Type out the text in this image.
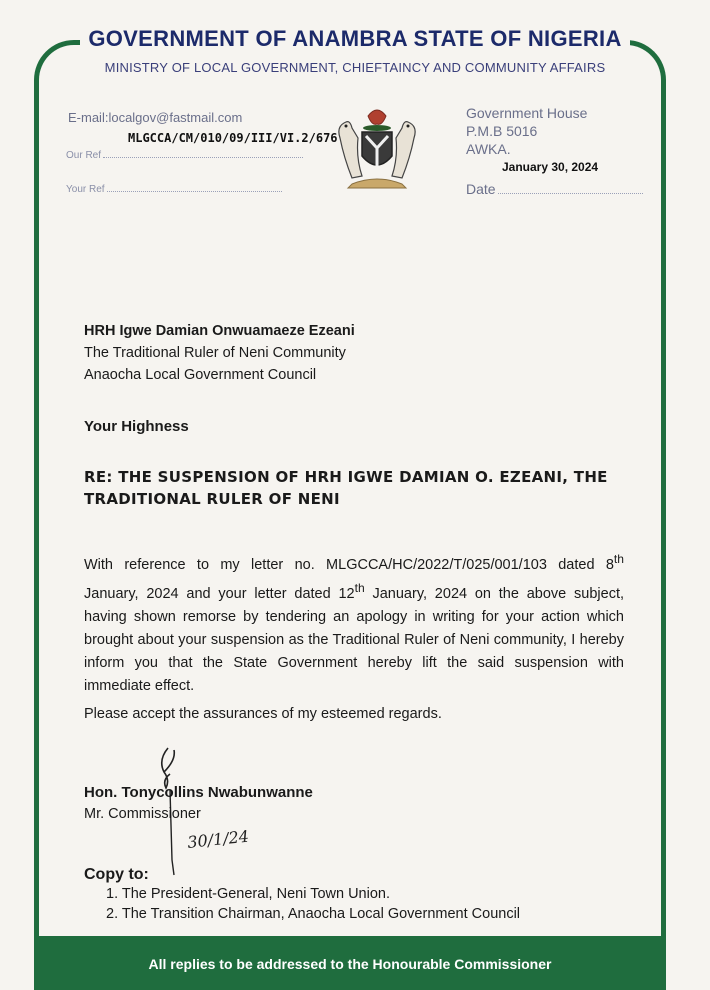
GOVERNMENT OF ANAMBRA STATE OF NIGERIA
MINISTRY OF LOCAL GOVERNMENT, CHIEFTAINCY AND COMMUNITY AFFAIRS
E-mail:localgov@fastmail.com
MLGCCA/CM/010/09/III/VI.2/676
Our Ref
Your Ref
Government House
P.M.B 5016
AWKA.
January 30, 2024
Date
HRH Igwe Damian Onwuamaeze Ezeani
The Traditional Ruler of Neni Community
Anaocha Local Government Council
Your Highness
RE: THE SUSPENSION OF HRH IGWE DAMIAN O. EZEANI, THE
TRADITIONAL RULER OF NENI
With reference to my letter no. MLGCCA/HC/2022/T/025/001/103 dated 8th January, 2024 and your letter dated 12th January, 2024 on the above subject, having shown remorse by tendering an apology in writing for your action which brought about your suspension as the Traditional Ruler of Neni community, I hereby inform you that the State Government hereby lift the said suspension with immediate effect.
Please accept the assurances of my esteemed regards.
30/1/24
Hon. Tonycollins Nwabunwanne
Mr. Commissioner
Copy to:
1. The President-General, Neni Town Union.
2. The Transition Chairman, Anaocha Local Government Council
All replies to be addressed to the Honourable Commissioner
